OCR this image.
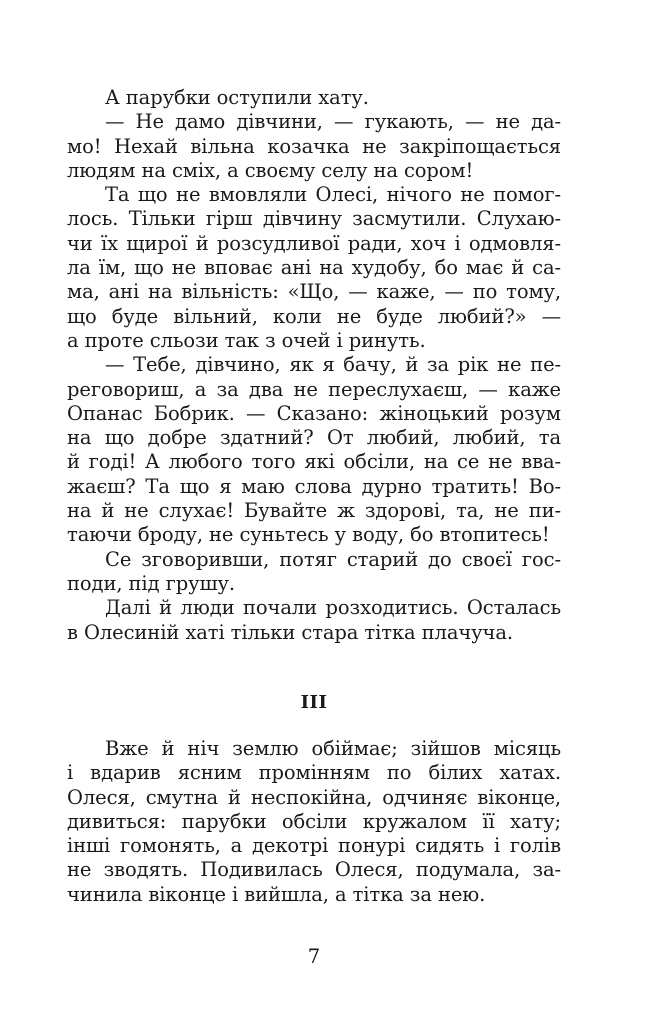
А парубки оступили хату.
— Не дамо дівчини, — гукають, — не да-
мо! Нехай вільна козачка не закріпощається
людям на сміх, а своєму селу на сором!
Та що не вмовляли Олесі, нічого не помог-
лось. Тільки гірш дівчину засмутили. Слухаю-
чи їх щирої й розсудливої ради, хоч і одмовля-
ла їм, що не вповає ані на худобу, бо має й са-
ма, ані на вільність: «Що, — каже, — по тому,
що буде вільний, коли не буде любий?» —
а проте сльози так з очей і ринуть.
— Тебе, дівчино, як я бачу, й за рік не пе-
реговориш, а за два не переслухаєш, — каже
Опанас Бобрик. — Сказано: жіноцький розум
на що добре здатний? От любий, любий, та
й годі! А любого того які обсіли, на се не вва-
жаєш? Та що я маю слова дурно тратить! Во-
на й не слухає! Бувайте ж здорові, та, не пи-
таючи броду, не суньтесь у воду, бо втопитесь!
Се зговоривши, потяг старий до своєї гос-
поди, під грушу.
Далі й люди почали розходитись. Осталась
в Олесиній хаті тільки стара тітка плачуча.
ІІІ
Вже й ніч землю обіймає; зійшов місяць
і вдарив ясним промінням по білих хатах.
Олеся, смутна й неспокійна, одчиняє віконце,
дивиться: парубки обсіли кружалом її хату;
інші гомонять, а декотрі понурі сидять і голів
не зводять. Подивилась Олеся, подумала, за-
чинила віконце і вийшла, а тітка за нею.
7
